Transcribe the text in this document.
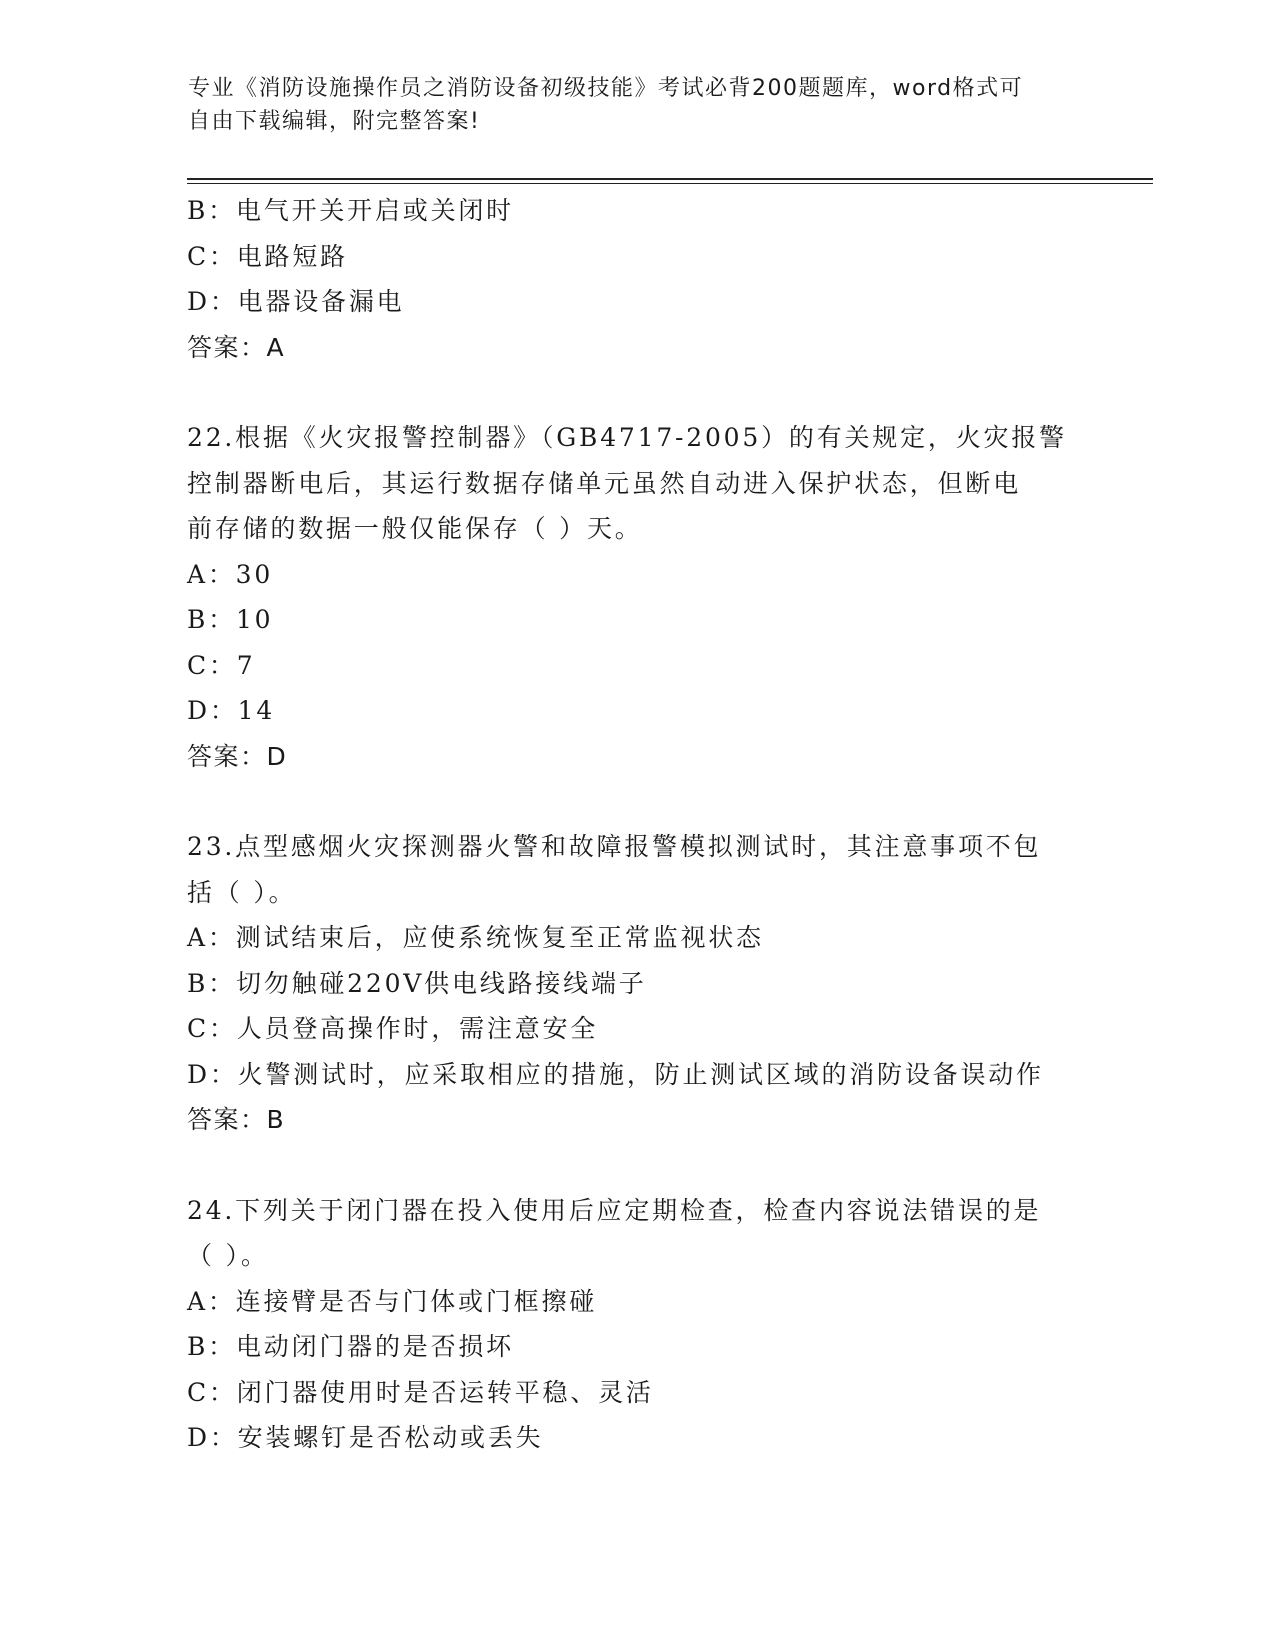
专业《消防设施操作员之消防设备初级技能》考试必背200题题库，word格式可
自由下载编辑，附完整答案!
B：电气开关开启或关闭时
C：电路短路
D：电器设备漏电
答案：A
22.根据《火灾报警控制器》（GB4717-2005）的有关规定，火灾报警
控制器断电后，其运行数据存储单元虽然自动进入保护状态，但断电
前存储的数据一般仅能保存（ ）天。
A：30
B：10
C：7
D：14
答案：D
23.点型感烟火灾探测器火警和故障报警模拟测试时，其注意事项不包
括（ ）。
A：测试结束后，应使系统恢复至正常监视状态
B：切勿触碰220V供电线路接线端子
C：人员登高操作时，需注意安全
D：火警测试时，应采取相应的措施，防止测试区域的消防设备误动作
答案：B
24.下列关于闭门器在投入使用后应定期检查，检查内容说法错误的是
（ ）。
A：连接臂是否与门体或门框擦碰
B：电动闭门器的是否损坏
C：闭门器使用时是否运转平稳、灵活
D：安装螺钉是否松动或丢失
